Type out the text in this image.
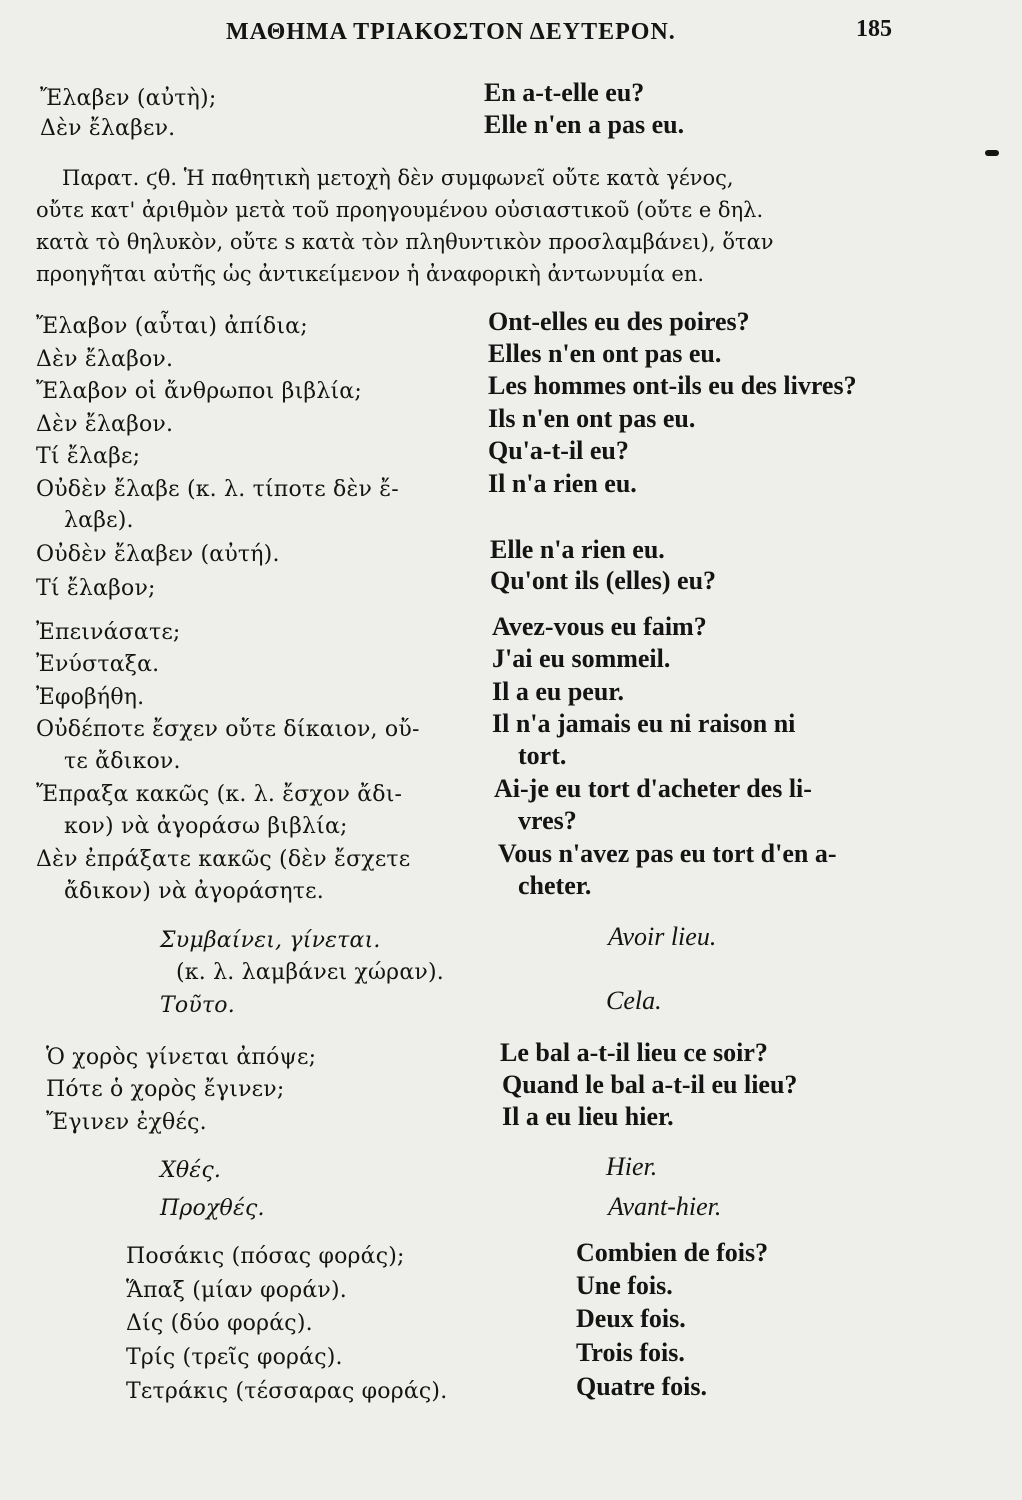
ΜΑΘΗΜΑ ΤΡΙΑΚΟΣΤΟΝ ΔΕΥΤΕΡΟΝ.	185
Ἔλαβεν (αὐτὴ);
Δὲν ἔλαβεν.
En a-t-elle eu?
Elle n'en a pas eu.
Παρατ. ϛθ. Ἡ παθητικὴ μετοχὴ δὲν συμφωνεῖ οὔτε κατὰ γένος,
οὔτε κατ' ἀριθμὸν μετὰ τοῦ προηγουμένου οὐσιαστικοῦ (οὔτε e δηλ.
κατὰ τὸ θηλυκὸν, οὔτε s κατὰ τὸν πληθυντικὸν προσλαμβάνει), ὅταν
προηγῆται αὐτῆς ὡς ἀντικείμενον ἡ ἀναφορικὴ ἀντωνυμία en.
Ἔλαβον (αὗται) ἀπίδια;
Δὲν ἔλαβον.
Ἔλαβον οἱ ἄνθρωποι βιβλία;
Δὲν ἔλαβον.
Τί ἔλαβε;
Οὐδὲν ἔλαβε (κ. λ. τίποτε δὲν ἔ-
λαβε).
Οὐδὲν ἔλαβεν (αὐτή).
Τί ἔλαβον;
Ἐπεινάσατε;
Ἐνύσταξα.
Ἐφοβήθη.
Οὐδέποτε ἔσχεν οὔτε δίκαιον, οὔ-
τε ἄδικον.
Ἔπραξα κακῶς (κ. λ. ἔσχον ἄδι-
κον) νὰ ἀγοράσω βιβλία;
Δὲν ἐπράξατε κακῶς (δὲν ἔσχετε
ἄδικον) νὰ ἀγοράσητε.
Ont-elles eu des poires?
Elles n'en ont pas eu.
Les hommes ont-ils eu des livres?
Ils n'en ont pas eu.
Qu'a-t-il eu?
Il n'a rien eu.
Elle n'a rien eu.
Qu'ont ils (elles) eu?
Avez-vous eu faim?
J'ai eu sommeil.
Il a eu peur.
Il n'a jamais eu ni raison ni
tort.
Ai-je eu tort d'acheter des li-
vres?
Vous n'avez pas eu tort d'en a-
cheter.
Συμβαίνει, γίνεται.
(κ. λ. λαμβάνει χώραν).
Τοῦτο.
Avoir lieu.
Cela.
Ὁ χορὸς γίνεται ἀπόψε;
Πότε ὁ χορὸς ἔγινεν;
Ἔγινεν ἐχθές.
Le bal a-t-il lieu ce soir?
Quand le bal a-t-il eu lieu?
Il a eu lieu hier.
Χθές.
Προχθές.
Hier.
Avant-hier.
Ποσάκις (πόσας φοράς);
Ἅπαξ (μίαν φοράν).
Δίς (δύο φοράς).
Τρίς (τρεῖς φοράς).
Τετράκις (τέσσαρας φοράς).
Combien de fois?
Une fois.
Deux fois.
Trois fois.
Quatre fois.
